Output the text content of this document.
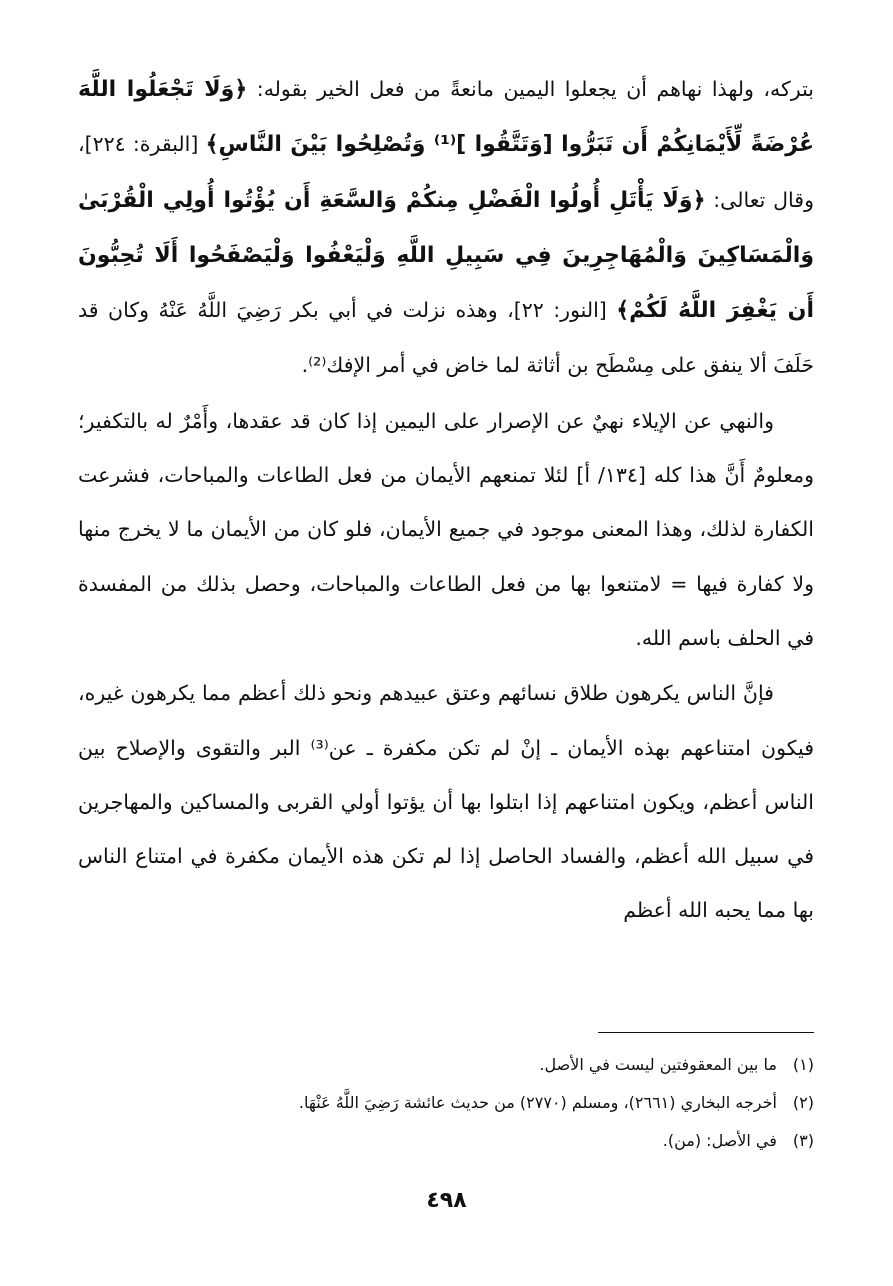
بتركه، ولهذا نهاهم أن يجعلوا اليمين مانعةً من فعل الخير بقوله: ﴿وَلَا تَجْعَلُوا اللَّهَ عُرْضَةً لِّأَيْمَانِكُمْ أَن تَبَرُّوا [وَتَتَّقُوا ]⁽¹⁾ وَتُصْلِحُوا بَيْنَ النَّاسِ﴾ [البقرة: ٢٢٤]، وقال تعالى: ﴿وَلَا يَأْتَلِ أُولُوا الْفَضْلِ مِنكُمْ وَالسَّعَةِ أَن يُؤْتُوا أُولِي الْقُرْبَىٰ وَالْمَسَاكِينَ وَالْمُهَاجِرِينَ فِي سَبِيلِ اللَّهِ وَلْيَعْفُوا وَلْيَصْفَحُوا أَلَا تُحِبُّونَ أَن يَغْفِرَ اللَّهُ لَكُمْ﴾ [النور: ٢٢]، وهذه نزلت في أبي بكر رَضِيَ اللَّهُ عَنْهُ وكان قد حَلَفَ ألا ينفق على مِسْطَح بن أثاثة لما خاض في أمر الإفك⁽²⁾.

والنهي عن الإيلاء نهيٌ عن الإصرار على اليمين إذا كان قد عقدها، وأَمْرٌ له بالتكفير؛ ومعلومٌ أَنَّ هذا كله [١٣٤/ أ] لئلا تمنعهم الأيمان من فعل الطاعات والمباحات، فشرعت الكفارة لذلك، وهذا المعنى موجود في جميع الأيمان، فلو كان من الأيمان ما لا يخرج منها ولا كفارة فيها = لامتنعوا بها من فعل الطاعات والمباحات، وحصل بذلك من المفسدة في الحلف باسم الله.

فإنَّ الناس يكرهون طلاق نسائهم وعتق عبيدهم ونحو ذلك أعظم مما يكرهون غيره، فيكون امتناعهم بهذه الأيمان ـ إنْ لم تكن مكفرة ـ عن⁽³⁾ البر والتقوى والإصلاح بين الناس أعظم، ويكون امتناعهم إذا ابتلوا بها أن يؤتوا أولي القربى والمساكين والمهاجرين في سبيل الله أعظم، والفساد الحاصل إذا لم تكن هذه الأيمان مكفرة في امتناع الناس بها مما يحبه الله أعظم

(١) ما بين المعقوفتين ليست في الأصل.

(٢) أخرجه البخاري (٢٦٦١)، ومسلم (٢٧٧٠) من حديث عائشة رَضِيَ اللَّهُ عَنْهَا.

(٣) في الأصل: (من).

٤٩٨
